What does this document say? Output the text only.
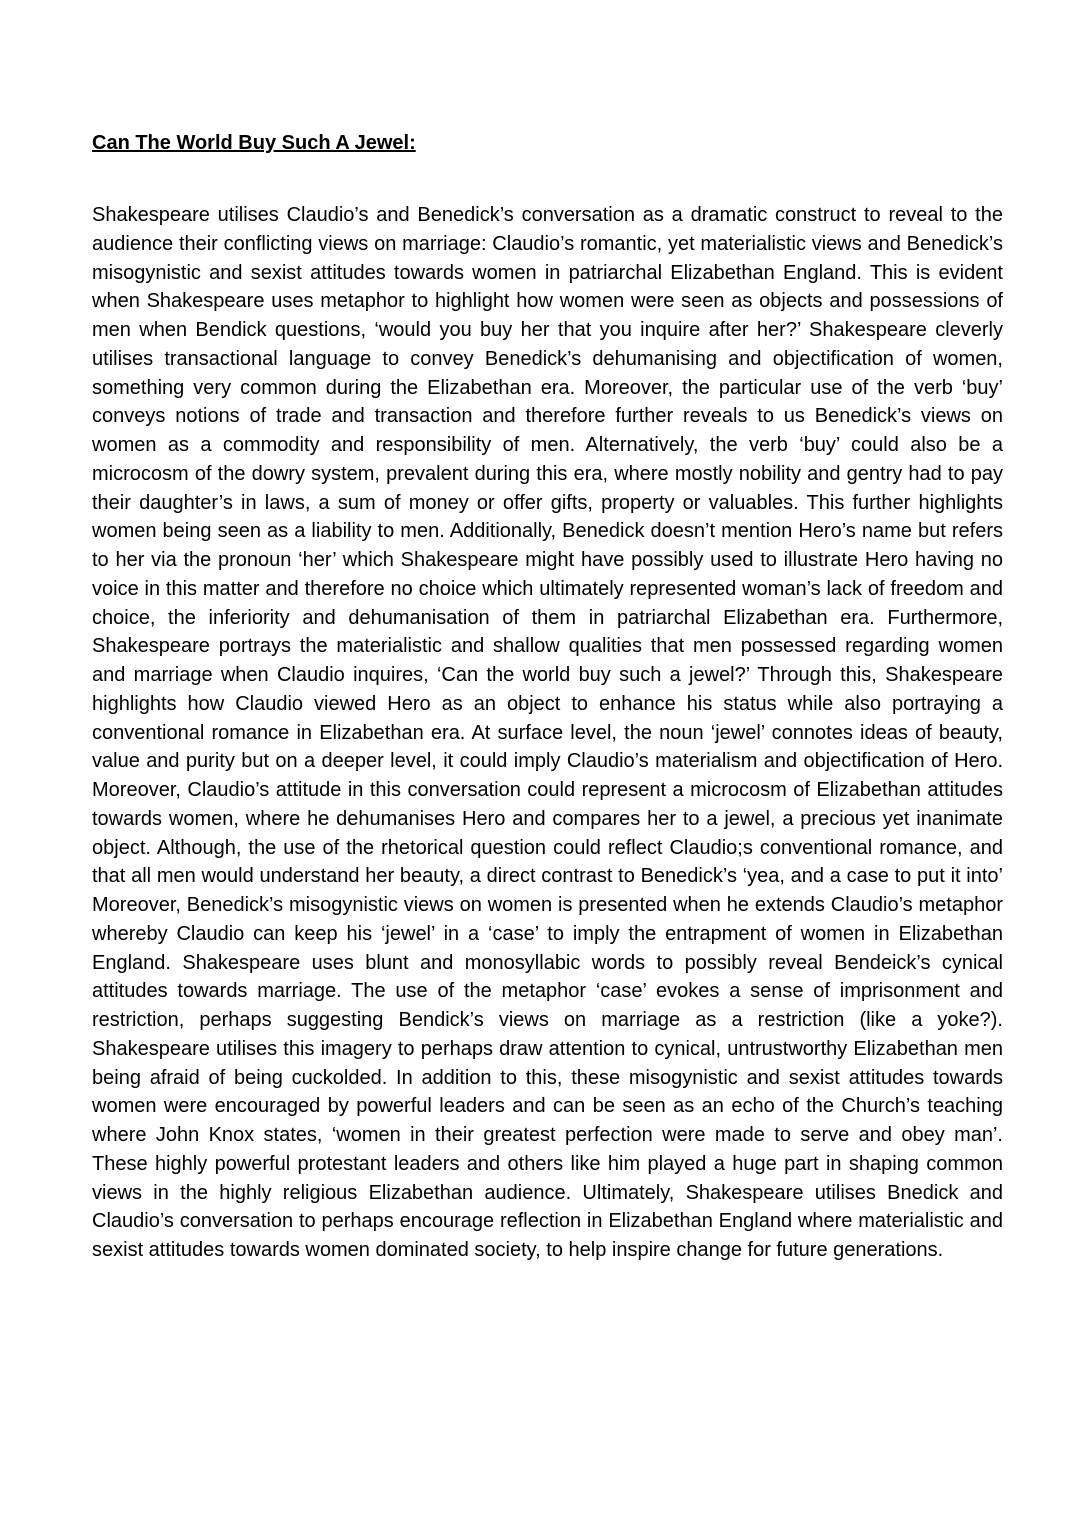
Can The World Buy Such A Jewel:

Shakespeare utilises Claudio’s and Benedick’s conversation as a dramatic construct to reveal to the audience their conflicting views on marriage: Claudio’s romantic, yet materialistic views and Benedick’s misogynistic and sexist attitudes towards women in patriarchal Elizabethan England. This is evident when Shakespeare uses metaphor to highlight how women were seen as objects and possessions of men when Bendick questions, ‘would you buy her that you inquire after her?’ Shakespeare cleverly utilises transactional language to convey Benedick’s dehumanising and objectification of women, something very common during the Elizabethan era. Moreover, the particular use of the verb ‘buy’ conveys notions of trade and transaction and therefore further reveals to us Benedick’s views on women as a commodity and responsibility of men. Alternatively, the verb ‘buy’ could also be a microcosm of the dowry system, prevalent during this era, where mostly nobility and gentry had to pay their daughter’s in laws, a sum of money or offer gifts, property or valuables. This further highlights women being seen as a liability to men. Additionally, Benedick doesn’t mention Hero’s name but refers to her via the pronoun ‘her’ which Shakespeare might have possibly used to illustrate Hero having no voice in this matter and therefore no choice which ultimately represented woman’s lack of freedom and choice, the inferiority and dehumanisation of them in patriarchal Elizabethan era. Furthermore, Shakespeare portrays the materialistic and shallow qualities that men possessed regarding women and marriage when Claudio inquires, ‘Can the world buy such a jewel?’ Through this, Shakespeare highlights how Claudio viewed Hero as an object to enhance his status while also portraying a conventional romance in Elizabethan era. At surface level, the noun ‘jewel’ connotes ideas of beauty, value and purity but on a deeper level, it could imply Claudio’s materialism and objectification of Hero. Moreover, Claudio’s attitude in this conversation could represent a microcosm of Elizabethan attitudes towards women, where he dehumanises Hero and compares her to a jewel, a precious yet inanimate object. Although, the use of the rhetorical question could reflect Claudio;s conventional romance, and that all men would understand her beauty, a direct contrast to Benedick’s ‘yea, and a case to put it into’ Moreover, Benedick’s misogynistic views on women is presented when he extends Claudio’s metaphor whereby Claudio can keep his ‘jewel’ in a ‘case’ to imply the entrapment of women in Elizabethan England. Shakespeare uses blunt and monosyllabic words to possibly reveal Bendeick’s cynical attitudes towards marriage. The use of the metaphor ‘case’ evokes a sense of imprisonment and restriction, perhaps suggesting Bendick’s views on marriage as a restriction (like a yoke?). Shakespeare utilises this imagery to perhaps draw attention to cynical, untrustworthy Elizabethan men being afraid of being cuckolded. In addition to this, these misogynistic and sexist attitudes towards women were encouraged by powerful leaders and can be seen as an echo of the Church’s teaching where John Knox states, ‘women in their greatest perfection were made to serve and obey man’. These highly powerful protestant leaders and others like him played a huge part in shaping common views in the highly religious Elizabethan audience. Ultimately, Shakespeare utilises Bnedick and Claudio’s conversation to perhaps encourage reflection in Elizabethan England where materialistic and sexist attitudes towards women dominated society, to help inspire change for future generations.
